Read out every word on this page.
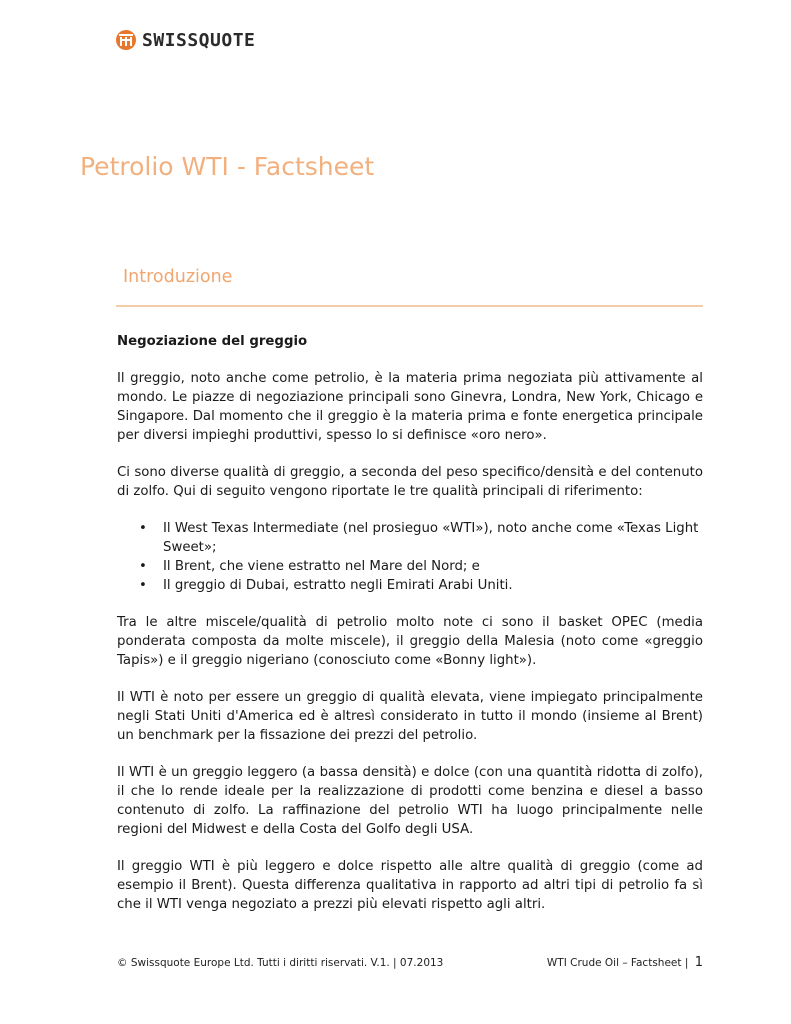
SWISSQUOTE
Petrolio WTI - Factsheet
Introduzione
Negoziazione del greggio

Il greggio, noto anche come petrolio, è la materia prima negoziata più attivamente al mondo. Le piazze di negoziazione principali sono Ginevra, Londra, New York, Chicago e Singapore. Dal momento che il greggio è la materia prima e fonte energetica principale per diversi impieghi produttivi, spesso lo si definisce «oro nero».

Ci sono diverse qualità di greggio, a seconda del peso specifico/densità e del contenuto di zolfo. Qui di seguito vengono riportate le tre qualità principali di riferimento:

• Il West Texas Intermediate (nel prosieguo «WTI»), noto anche come «Texas Light Sweet»;
• Il Brent, che viene estratto nel Mare del Nord; e
• Il greggio di Dubai, estratto negli Emirati Arabi Uniti.

Tra le altre miscele/qualità di petrolio molto note ci sono il basket OPEC (media ponderata composta da molte miscele), il greggio della Malesia (noto come «greggio Tapis») e il greggio nigeriano (conosciuto come «Bonny light»).

Il WTI è noto per essere un greggio di qualità elevata, viene impiegato principalmente negli Stati Uniti d'America ed è altresì considerato in tutto il mondo (insieme al Brent) un benchmark per la fissazione dei prezzi del petrolio.

Il WTI è un greggio leggero (a bassa densità) e dolce (con una quantità ridotta di zolfo), il che lo rende ideale per la realizzazione di prodotti come benzina e diesel a basso contenuto di zolfo. La raffinazione del petrolio WTI ha luogo principalmente nelle regioni del Midwest e della Costa del Golfo degli USA.

Il greggio WTI è più leggero e dolce rispetto alle altre qualità di greggio (come ad esempio il Brent). Questa differenza qualitativa in rapporto ad altri tipi di petrolio fa sì che il WTI venga negoziato a prezzi più elevati rispetto agli altri.

© Swissquote Europe Ltd. Tutti i diritti riservati. V.1. | 07.2013	WTI Crude Oil – Factsheet | 1
